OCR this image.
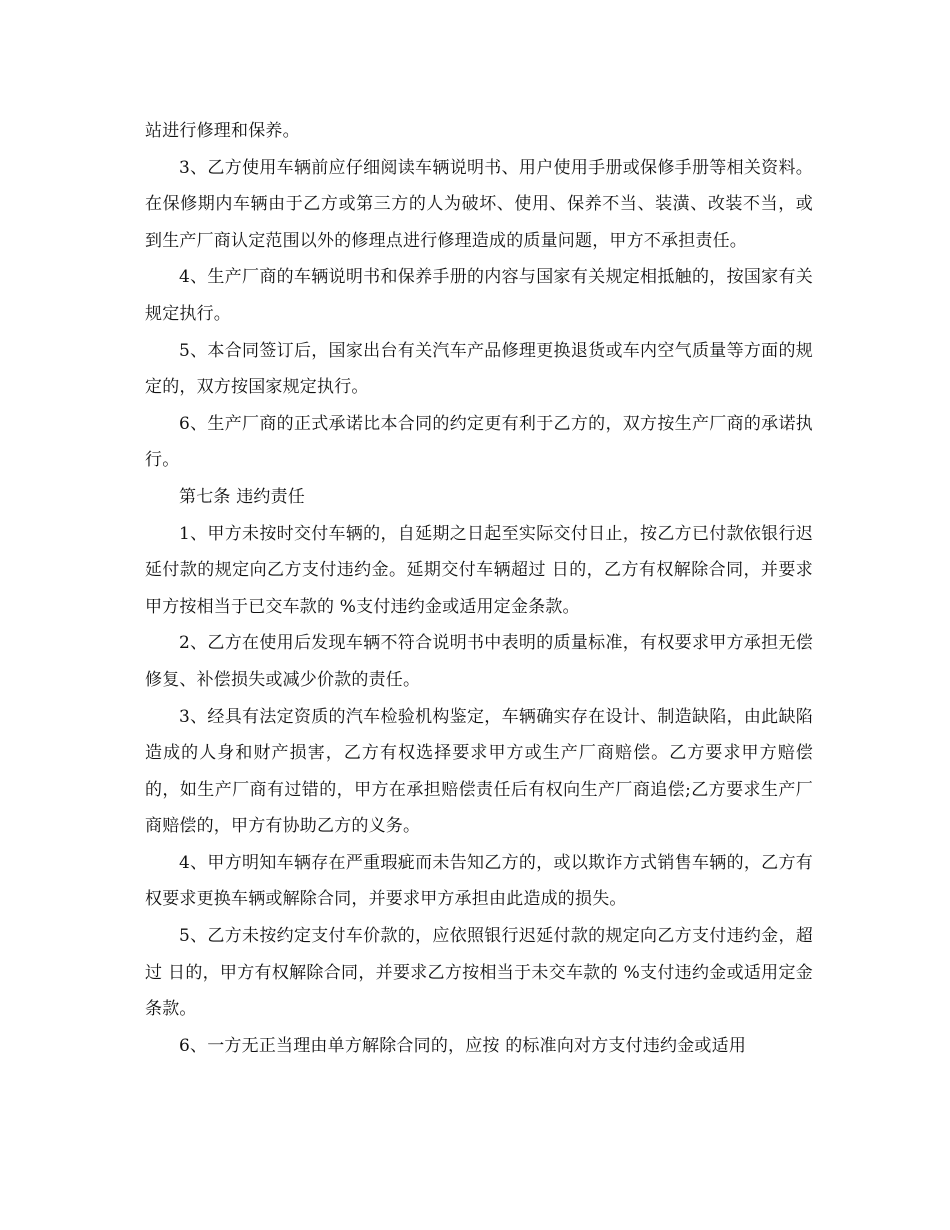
站进行修理和保养。

3、乙方使用车辆前应仔细阅读车辆说明书、用户使用手册或保修手册等相关资料。在保修期内车辆由于乙方或第三方的人为破坏、使用、保养不当、装潢、改装不当，或到生产厂商认定范围以外的修理点进行修理造成的质量问题，甲方不承担责任。

4、生产厂商的车辆说明书和保养手册的内容与国家有关规定相抵触的，按国家有关规定执行。

5、本合同签订后，国家出台有关汽车产品修理更换退货或车内空气质量等方面的规定的，双方按国家规定执行。

6、生产厂商的正式承诺比本合同的约定更有利于乙方的，双方按生产厂商的承诺执行。

第七条 违约责任

1、甲方未按时交付车辆的，自延期之日起至实际交付日止，按乙方已付款依银行迟延付款的规定向乙方支付违约金。延期交付车辆超过 日的，乙方有权解除合同，并要求甲方按相当于已交车款的 %支付违约金或适用定金条款。

2、乙方在使用后发现车辆不符合说明书中表明的质量标准，有权要求甲方承担无偿修复、补偿损失或减少价款的责任。

3、经具有法定资质的汽车检验机构鉴定，车辆确实存在设计、制造缺陷，由此缺陷造成的人身和财产损害，乙方有权选择要求甲方或生产厂商赔偿。乙方要求甲方赔偿的，如生产厂商有过错的，甲方在承担赔偿责任后有权向生产厂商追偿;乙方要求生产厂商赔偿的，甲方有协助乙方的义务。

4、甲方明知车辆存在严重瑕疵而未告知乙方的，或以欺诈方式销售车辆的，乙方有权要求更换车辆或解除合同，并要求甲方承担由此造成的损失。

5、乙方未按约定支付车价款的，应依照银行迟延付款的规定向乙方支付违约金，超过 日的，甲方有权解除合同，并要求乙方按相当于未交车款的 %支付违约金或适用定金条款。

6、一方无正当理由单方解除合同的，应按 的标准向对方支付违约金或适用
